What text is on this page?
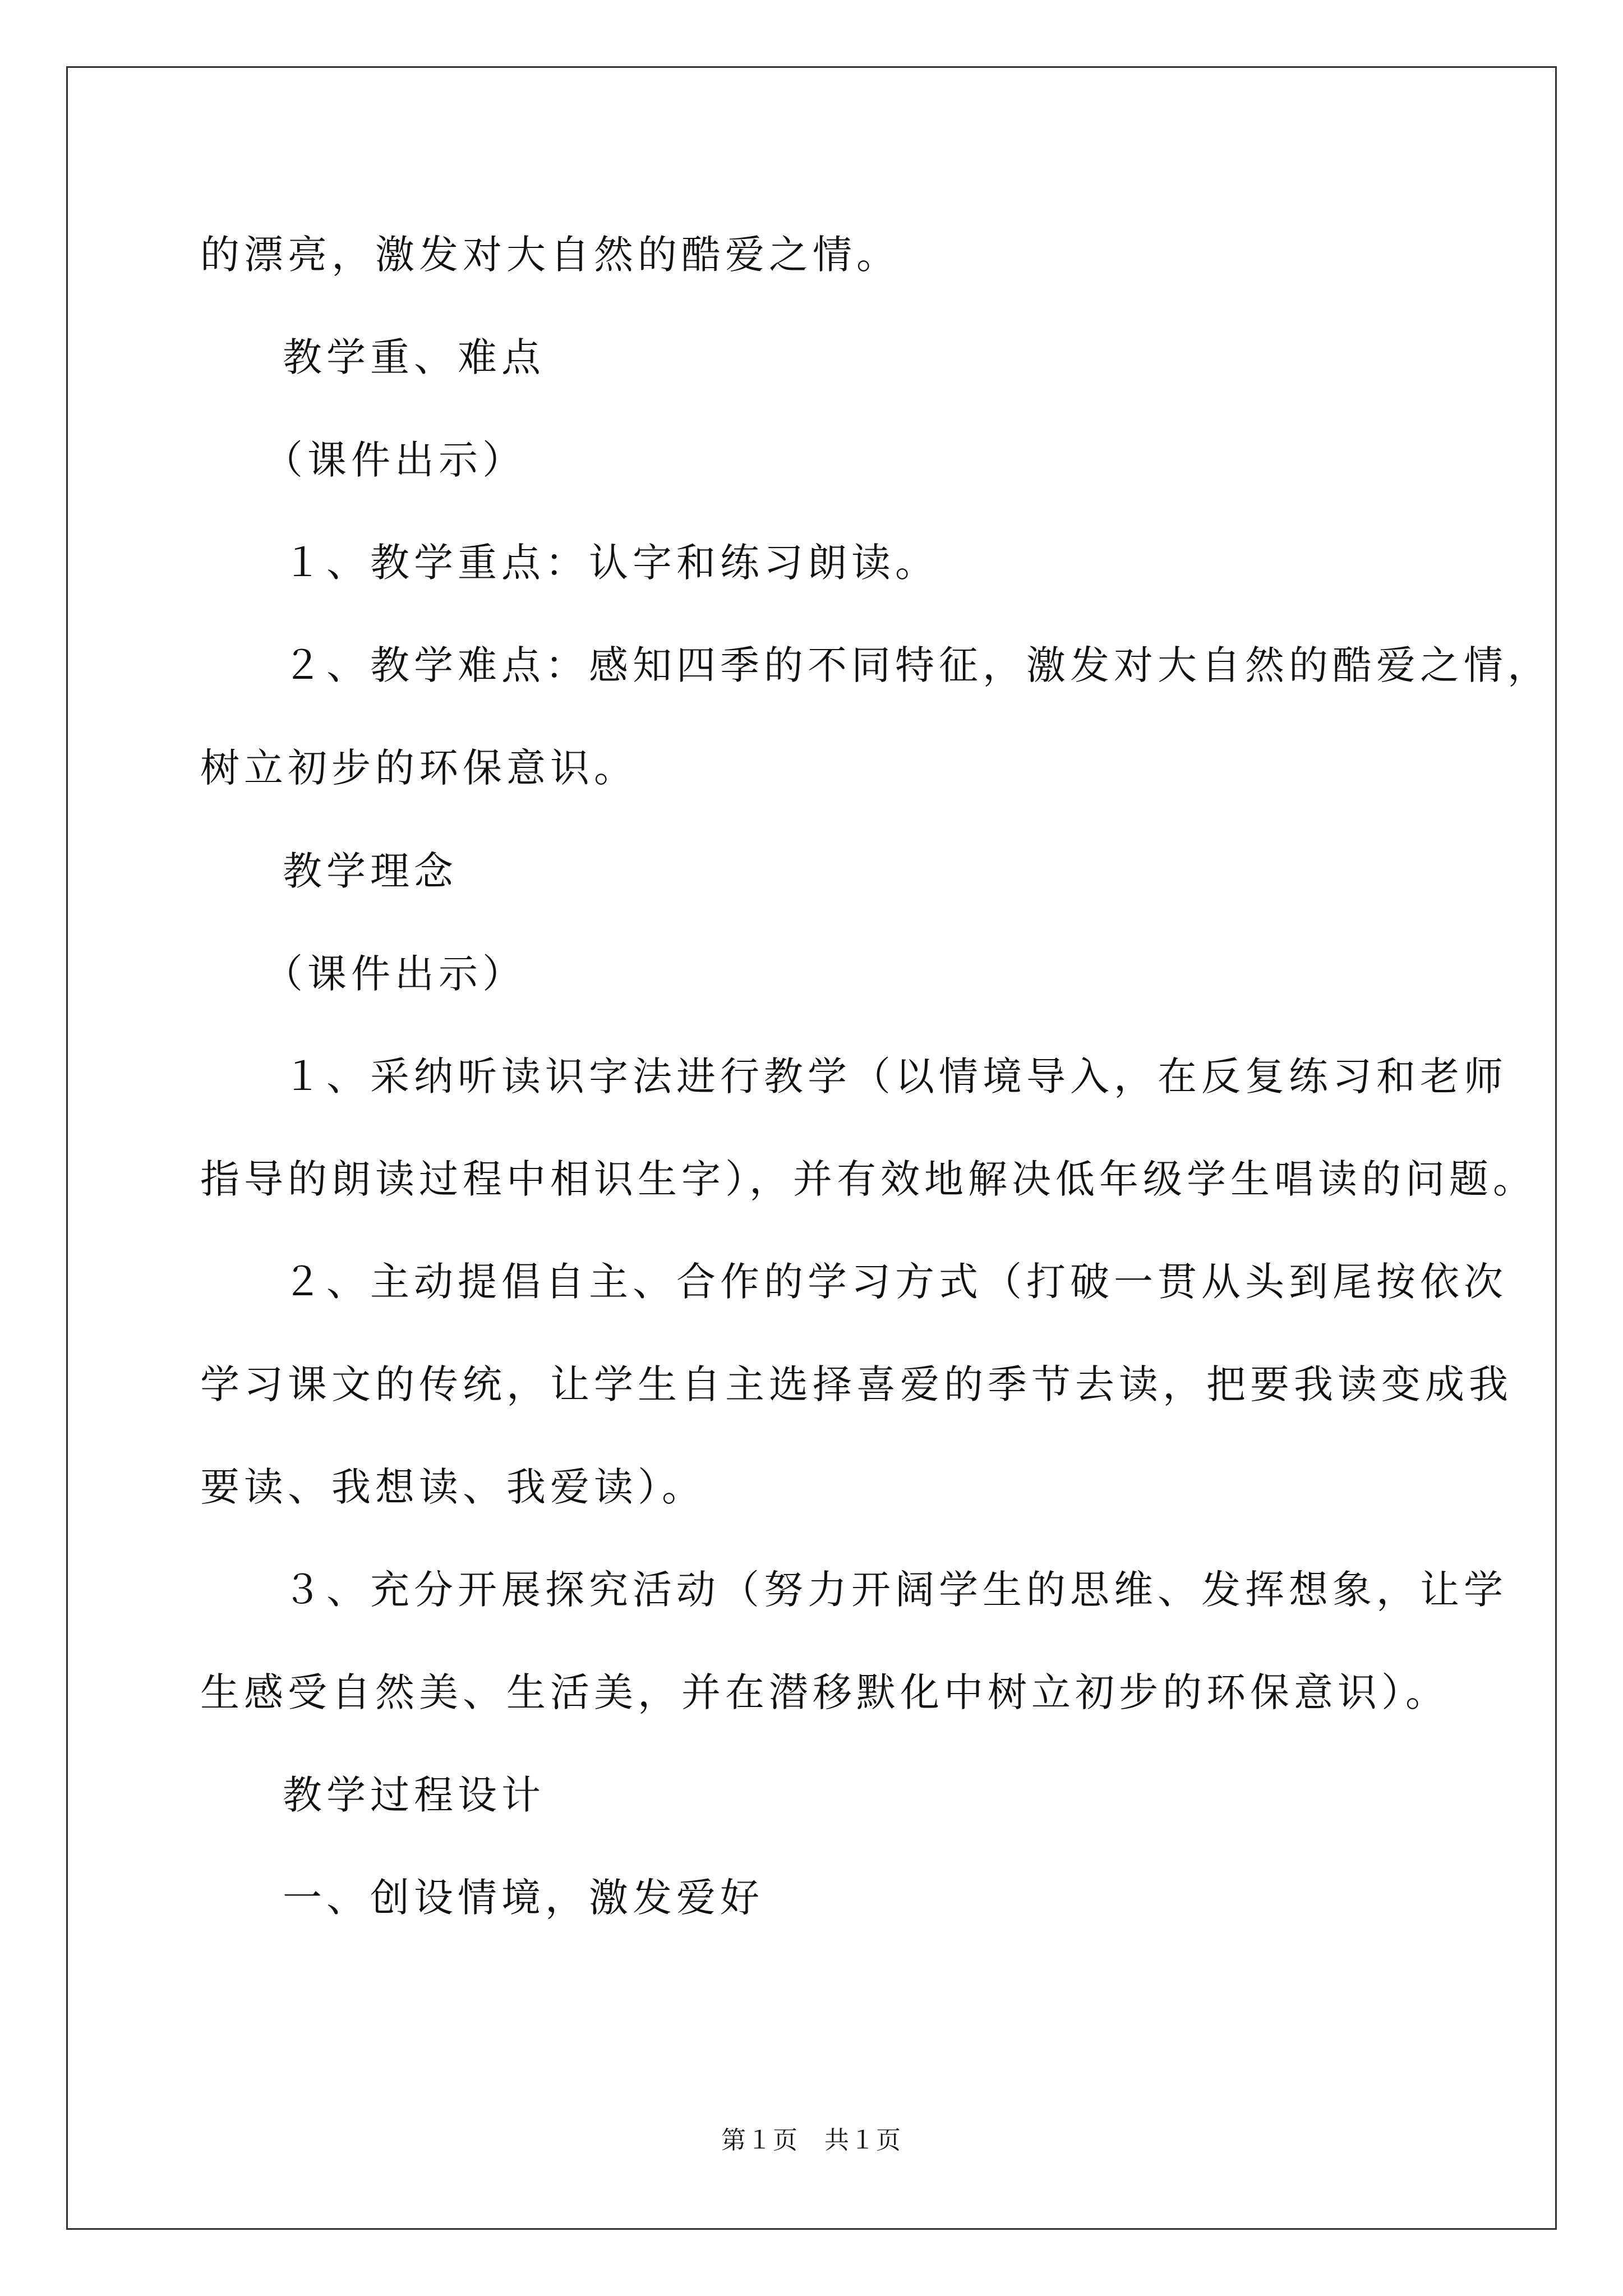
的漂亮，激发对大自然的酷爱之情。
教学重、难点
（课件出示）
１、教学重点：认字和练习朗读。
２、教学难点：感知四季的不同特征，激发对大自然的酷爱之情，
树立初步的环保意识。
教学理念
（课件出示）
１、采纳听读识字法进行教学（以情境导入，在反复练习和老师
指导的朗读过程中相识生字），并有效地解决低年级学生唱读的问题。
２、主动提倡自主、合作的学习方式（打破一贯从头到尾按依次
学习课文的传统，让学生自主选择喜爱的季节去读，把要我读变成我
要读、我想读、我爱读）。
３、充分开展探究活动（努力开阔学生的思维、发挥想象，让学
生感受自然美、生活美，并在潜移默化中树立初步的环保意识）。
教学过程设计
一、创设情境，激发爱好
第１页　共１页
